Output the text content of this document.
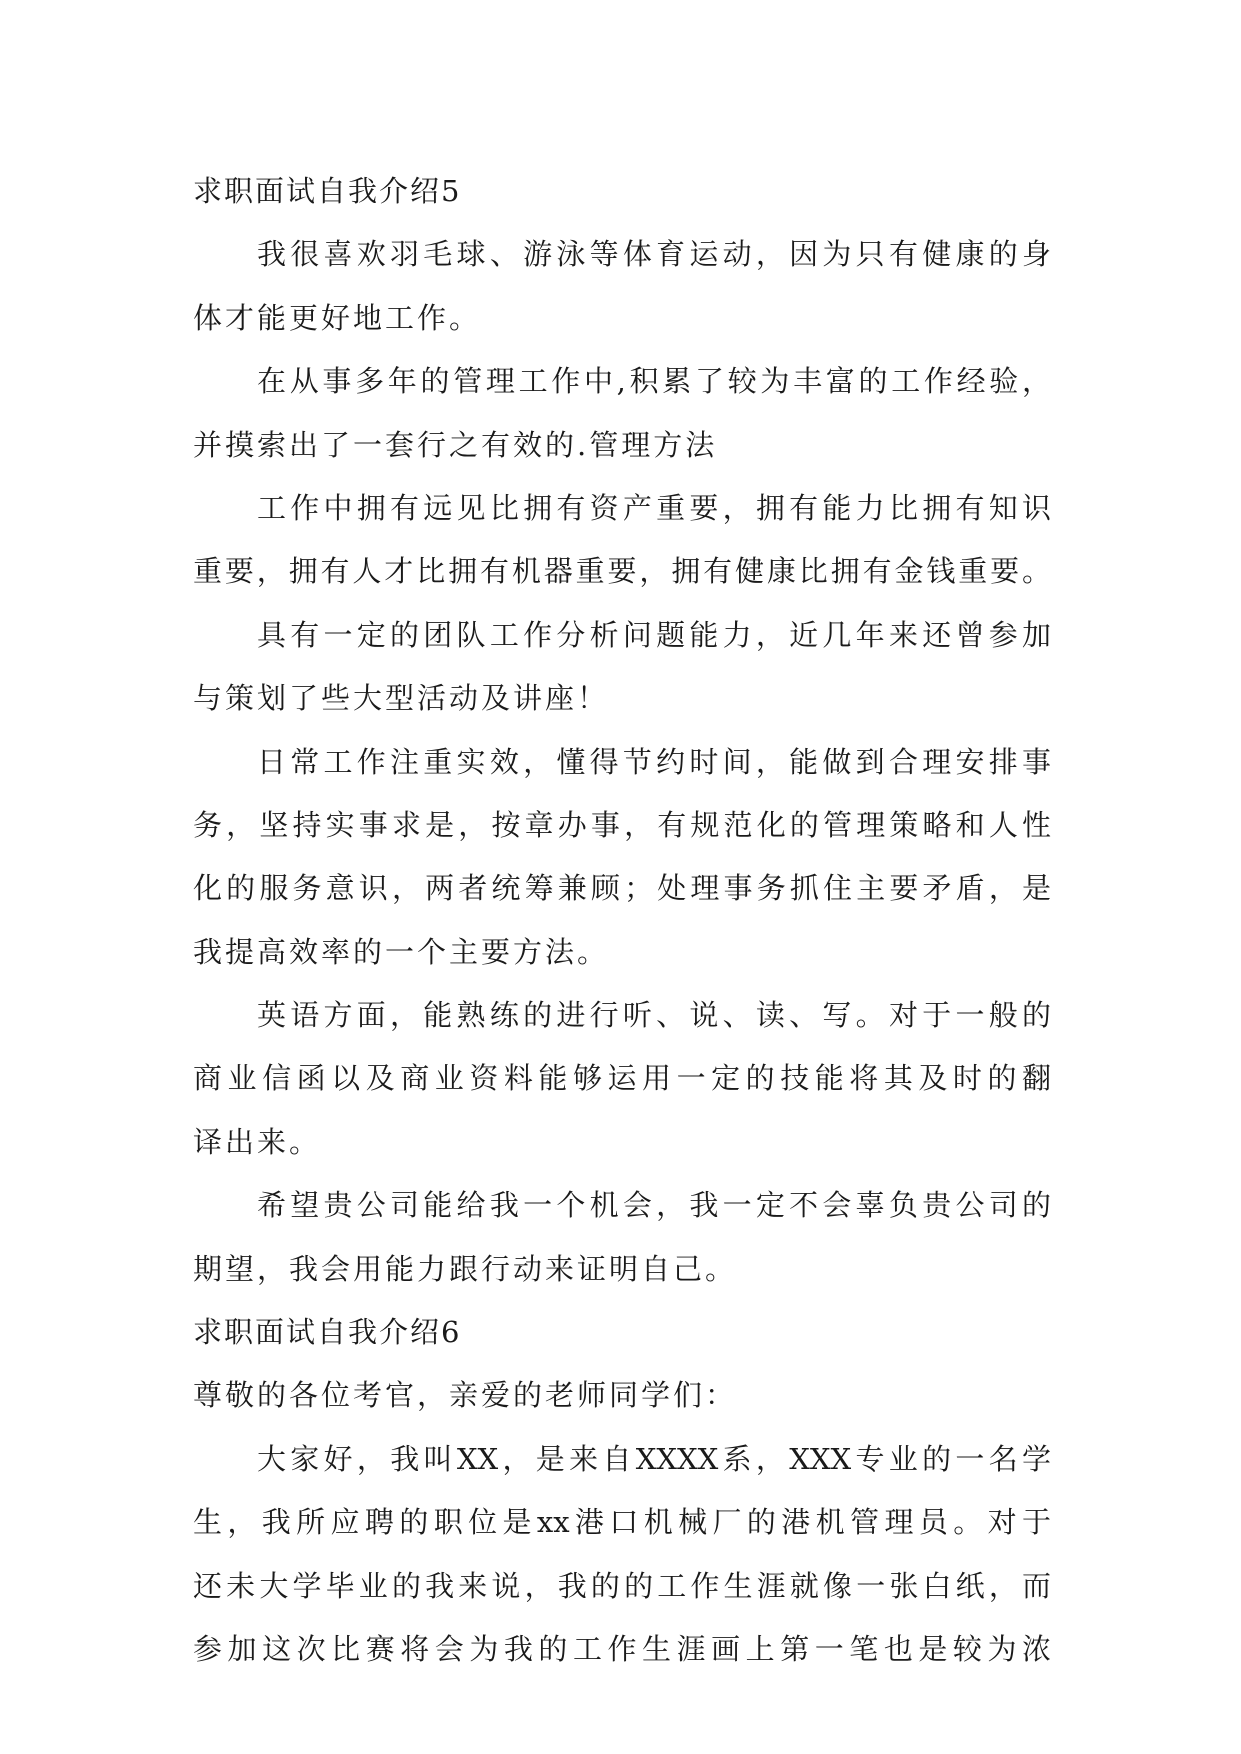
求职面试自我介绍5
我很喜欢羽毛球、游泳等体育运动，因为只有健康的身
体才能更好地工作。
在从事多年的管理工作中,积累了较为丰富的工作经验，
并摸索出了一套行之有效的.管理方法
工作中拥有远见比拥有资产重要，拥有能力比拥有知识
重要，拥有人才比拥有机器重要，拥有健康比拥有金钱重要。
具有一定的团队工作分析问题能力，近几年来还曾参加
与策划了些大型活动及讲座！
日常工作注重实效，懂得节约时间，能做到合理安排事
务，坚持实事求是，按章办事，有规范化的管理策略和人性
化的服务意识，两者统筹兼顾；处理事务抓住主要矛盾，是
我提高效率的一个主要方法。
英语方面，能熟练的进行听、说、读、写。对于一般的
商业信函以及商业资料能够运用一定的技能将其及时的翻
译出来。
希望贵公司能给我一个机会，我一定不会辜负贵公司的
期望，我会用能力跟行动来证明自己。
求职面试自我介绍6
尊敬的各位考官，亲爱的老师同学们：
大家好，我叫XX，是来自XXXX系，XXX专业的一名学
生，我所应聘的职位是xx港口机械厂的港机管理员。对于
还未大学毕业的我来说，我的的工作生涯就像一张白纸，而
参加这次比赛将会为我的工作生涯画上第一笔也是较为浓
